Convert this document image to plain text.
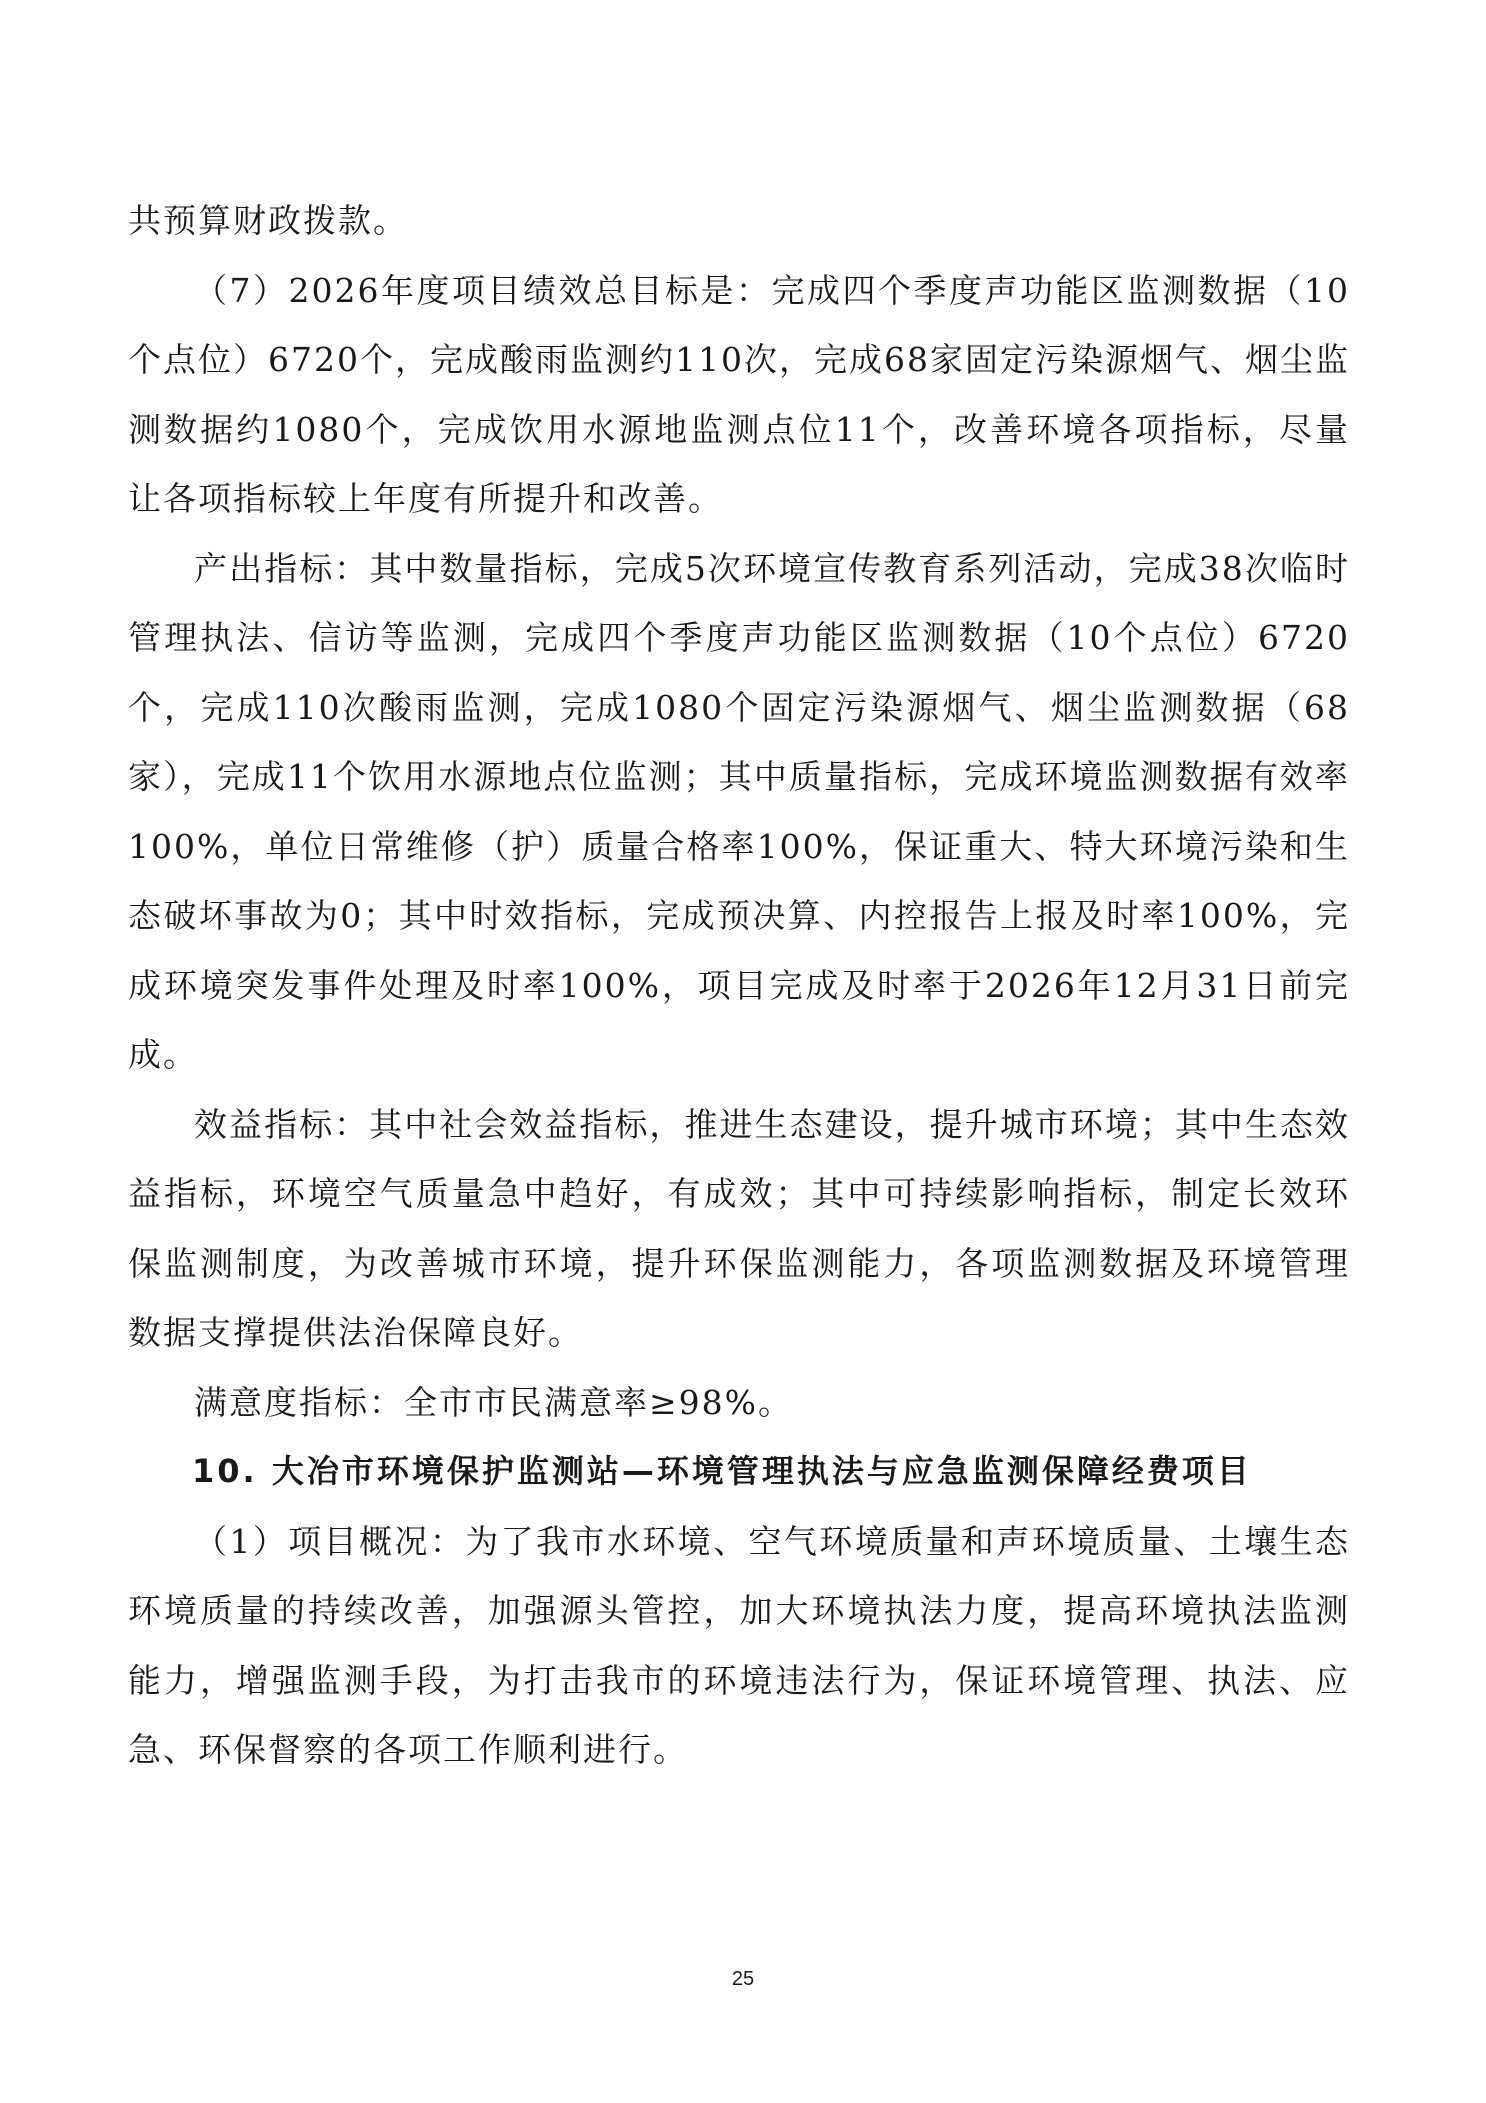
共预算财政拨款。

（7）2026年度项目绩效总目标是：完成四个季度声功能区监测数据（10个点位）6720个，完成酸雨监测约110次，完成68家固定污染源烟气、烟尘监测数据约1080个，完成饮用水源地监测点位11个，改善环境各项指标，尽量让各项指标较上年度有所提升和改善。

产出指标：其中数量指标，完成5次环境宣传教育系列活动，完成38次临时管理执法、信访等监测，完成四个季度声功能区监测数据（10个点位）6720个，完成110次酸雨监测，完成1080个固定污染源烟气、烟尘监测数据（68家），完成11个饮用水源地点位监测；其中质量指标，完成环境监测数据有效率100%，单位日常维修（护）质量合格率100%，保证重大、特大环境污染和生态破坏事故为0；其中时效指标，完成预决算、内控报告上报及时率100%，完成环境突发事件处理及时率100%，项目完成及时率于2026年12月31日前完成。

效益指标：其中社会效益指标，推进生态建设，提升城市环境；其中生态效益指标，环境空气质量急中趋好，有成效；其中可持续影响指标，制定长效环保监测制度，为改善城市环境，提升环保监测能力，各项监测数据及环境管理数据支撑提供法治保障良好。

满意度指标：全市市民满意率≥98%。

10. 大冶市环境保护监测站—环境管理执法与应急监测保障经费项目

（1）项目概况：为了我市水环境、空气环境质量和声环境质量、土壤生态环境质量的持续改善，加强源头管控，加大环境执法力度，提高环境执法监测能力，增强监测手段，为打击我市的环境违法行为，保证环境管理、执法、应急、环保督察的各项工作顺利进行。

25
